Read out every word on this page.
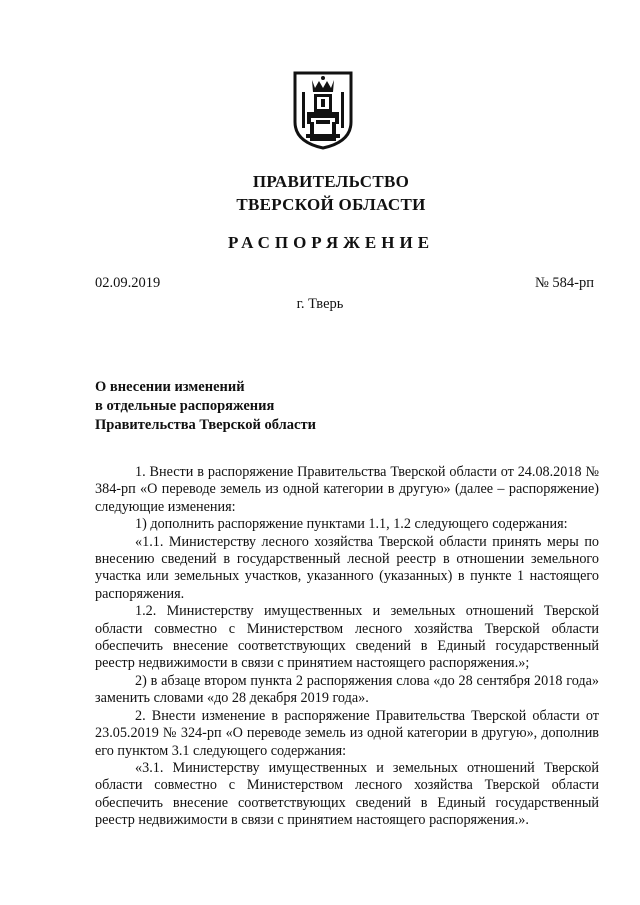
ПРАВИТЕЛЬСТВО
ТВЕРСКОЙ ОБЛАСТИ
РАСПОРЯЖЕНИЕ
02.09.2019	№ 584-рп
г. Тверь
О внесении изменений
в отдельные распоряжения
Правительства Тверской области

1. Внести в распоряжение Правительства Тверской области от 24.08.2018 № 384-рп «О переводе земель из одной категории в другую» (далее – распоряжение) следующие изменения:

1) дополнить распоряжение пунктами 1.1, 1.2 следующего содержания:

«1.1. Министерству лесного хозяйства Тверской области принять меры по внесению сведений в государственный лесной реестр в отношении земельного участка или земельных участков, указанного (указанных) в пункте 1 настоящего распоряжения.

1.2. Министерству имущественных и земельных отношений Тверской области совместно с Министерством лесного хозяйства Тверской области обеспечить внесение соответствующих сведений в Единый государственный реестр недвижимости в связи с принятием настоящего распоряжения.»;

2) в абзаце втором пункта 2 распоряжения слова «до 28 сентября 2018 года» заменить словами «до 28 декабря 2019 года».

2. Внести изменение в распоряжение Правительства Тверской области от 23.05.2019 № 324-рп «О переводе земель из одной категории в другую», дополнив его пунктом 3.1 следующего содержания:

«3.1. Министерству имущественных и земельных отношений Тверской области совместно с Министерством лесного хозяйства Тверской области обеспечить внесение соответствующих сведений в Единый государственный реестр недвижимости в связи с принятием настоящего распоряжения.».
